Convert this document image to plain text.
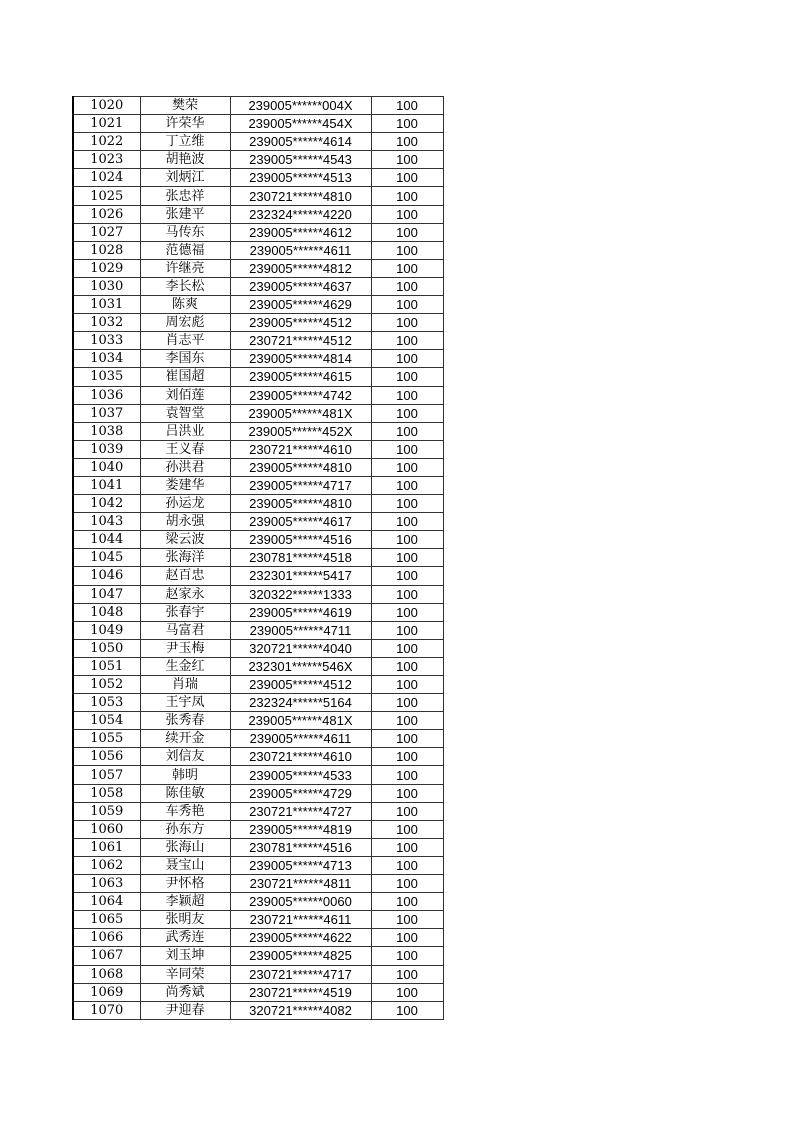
1020	樊荣	239005******004X	100
1021	许荣华	239005******454X	100
1022	丁立维	239005******4614	100
1023	胡艳波	239005******4543	100
1024	刘炳江	239005******4513	100
1025	张忠祥	230721******4810	100
1026	张建平	232324******4220	100
1027	马传东	239005******4612	100
1028	范德福	239005******4611	100
1029	许继亮	239005******4812	100
1030	李长松	239005******4637	100
1031	陈爽	239005******4629	100
1032	周宏彪	239005******4512	100
1033	肖志平	230721******4512	100
1034	李国东	239005******4814	100
1035	崔国超	239005******4615	100
1036	刘佰莲	239005******4742	100
1037	袁智堂	239005******481X	100
1038	吕洪业	239005******452X	100
1039	王义春	230721******4610	100
1040	孙洪君	239005******4810	100
1041	娄建华	239005******4717	100
1042	孙运龙	239005******4810	100
1043	胡永强	239005******4617	100
1044	梁云波	239005******4516	100
1045	张海洋	230781******4518	100
1046	赵百忠	232301******5417	100
1047	赵家永	320322******1333	100
1048	张春宇	239005******4619	100
1049	马富君	239005******4711	100
1050	尹玉梅	320721******4040	100
1051	生金红	232301******546X	100
1052	肖瑞	239005******4512	100
1053	王宇凤	232324******5164	100
1054	张秀春	239005******481X	100
1055	续开金	239005******4611	100
1056	刘信友	230721******4610	100
1057	韩明	239005******4533	100
1058	陈佳敏	239005******4729	100
1059	车秀艳	230721******4727	100
1060	孙东方	239005******4819	100
1061	张海山	230781******4516	100
1062	聂宝山	239005******4713	100
1063	尹怀格	230721******4811	100
1064	李颖超	239005******0060	100
1065	张明友	230721******4611	100
1066	武秀连	239005******4622	100
1067	刘玉坤	239005******4825	100
1068	辛同荣	230721******4717	100
1069	尚秀斌	230721******4519	100
1070	尹迎春	320721******4082	100
